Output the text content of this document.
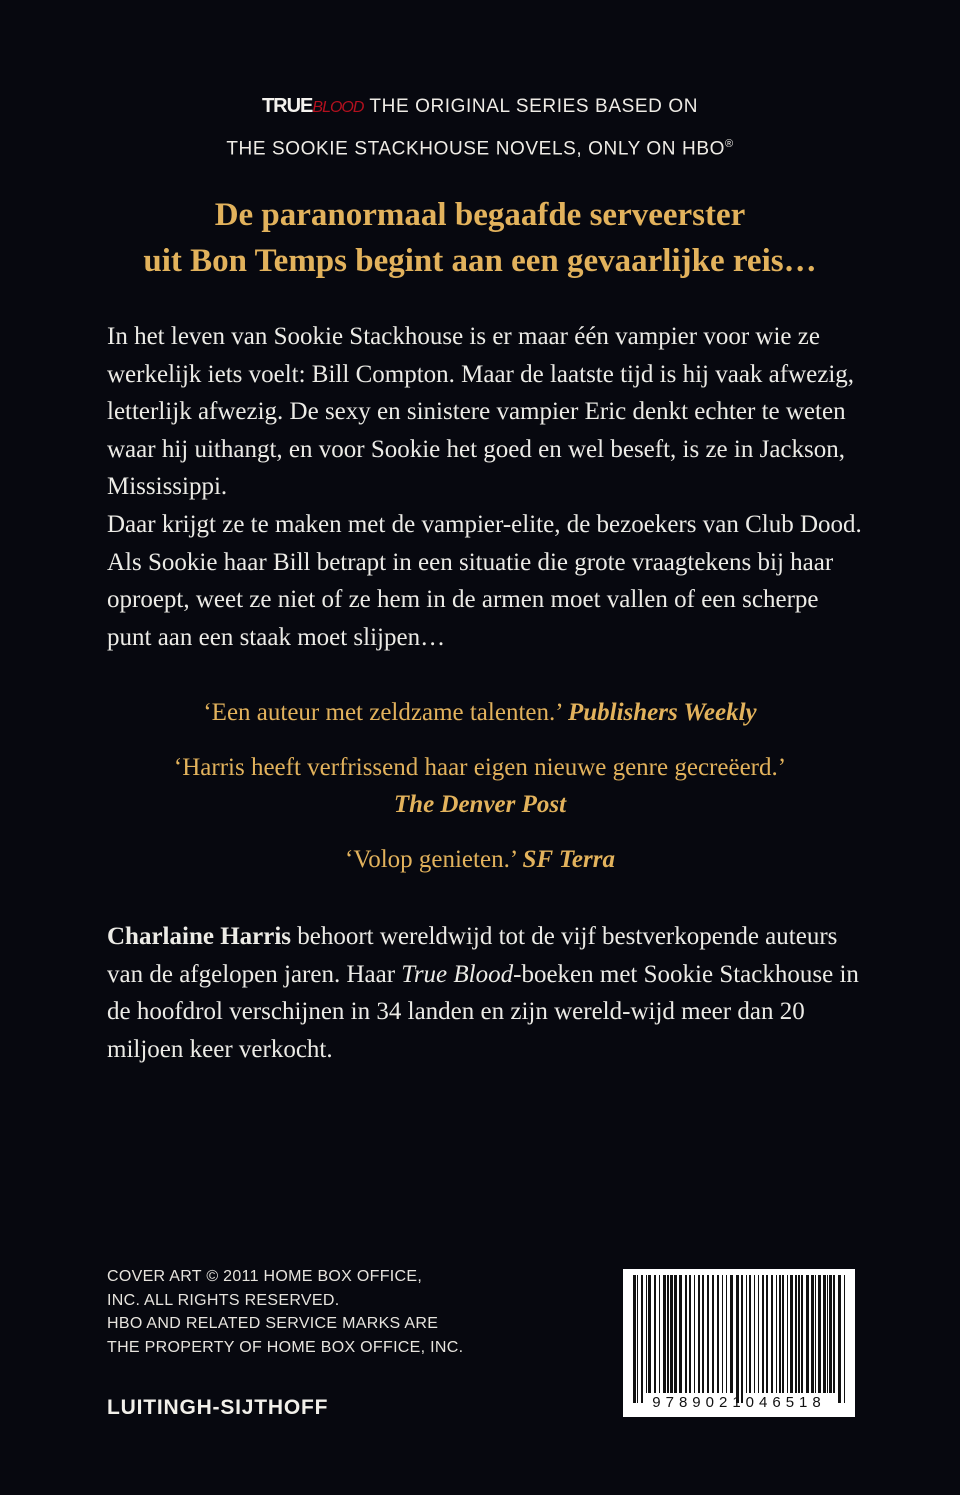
TRUEBLOOD THE ORIGINAL SERIES BASED ON
THE SOOKIE STACKHOUSE NOVELS, ONLY ON HBO®
De paranormaal begaafde serveerster
uit Bon Temps begint aan een gevaarlijke reis…

In het leven van Sookie Stackhouse is er maar één vampier voor wie ze werkelijk iets voelt: Bill Compton. Maar de laatste tijd is hij vaak afwezig, letterlijk afwezig. De sexy en sinistere vampier Eric denkt echter te weten waar hij uithangt, en voor Sookie het goed en wel beseft, is ze in Jackson, Mississippi.

Daar krijgt ze te maken met de vampier-elite, de bezoekers van Club Dood. Als Sookie haar Bill betrapt in een situatie die grote vraagtekens bij haar oproept, weet ze niet of ze hem in de armen moet vallen of een scherpe punt aan een staak moet slijpen…

‘Een auteur met zeldzame talenten.’ Publishers Weekly

‘Harris heeft verfrissend haar eigen nieuwe genre gecreëerd.’
The Denver Post

‘Volop genieten.’ SF Terra

Charlaine Harris behoort wereldwijd tot de vijf bestverkopende auteurs van de afgelopen jaren. Haar True Blood-boeken met Sookie Stackhouse in de hoofdrol verschijnen in 34 landen en zijn wereld-wijd meer dan 20 miljoen keer verkocht.

COVER ART © 2011 HOME BOX OFFICE,
INC. ALL RIGHTS RESERVED.
HBO AND RELATED SERVICE MARKS ARE
THE PROPERTY OF HOME BOX OFFICE, INC.
LUITINGH-SIJTHOFF	9789021046518
